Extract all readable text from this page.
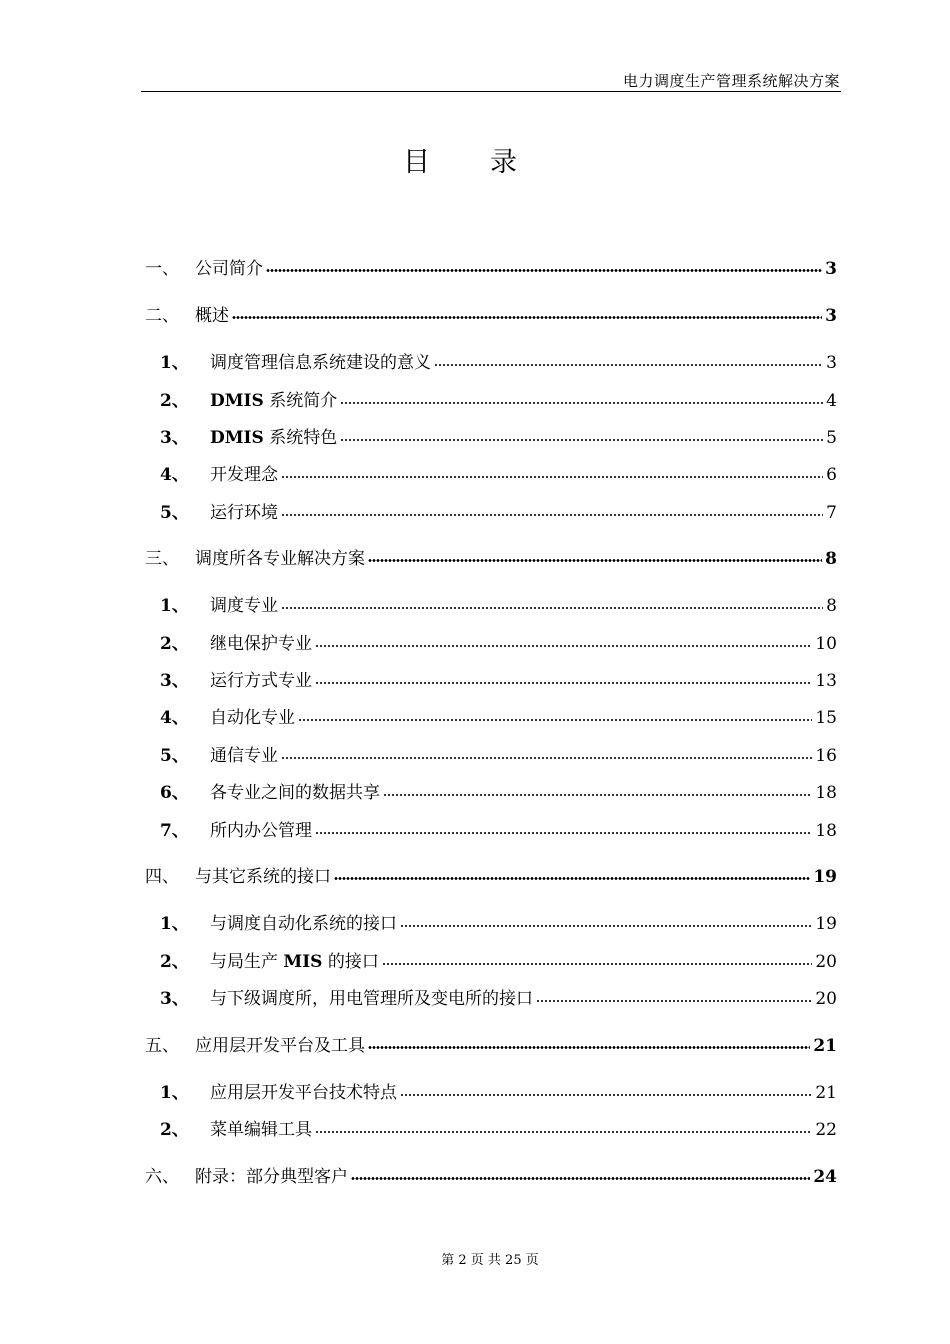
电力调度生产管理系统解决方案
目录
一、 公司简介	3
二、 概述	3
1、	调度管理信息系统建设的意义	3
2、	DMIS 系统简介	4
3、	DMIS 系统特色	5
4、	开发理念	6
5、	运行环境	7
三、 调度所各专业解决方案	8
1、	调度专业	8
2、	继电保护专业	10
3、	运行方式专业	13
4、	自动化专业	15
5、	通信专业	16
6、	各专业之间的数据共享	18
7、	所内办公管理	18
四、 与其它系统的接口	19
1、	与调度自动化系统的接口	19
2、	与局生产 MIS 的接口	20
3、	与下级调度所，用电管理所及变电所的接口	20
五、 应用层开发平台及工具	21
1、	应用层开发平台技术特点	21
2、	菜单编辑工具	22
六、 附录：部分典型客户	24
第 2 页 共 25 页
